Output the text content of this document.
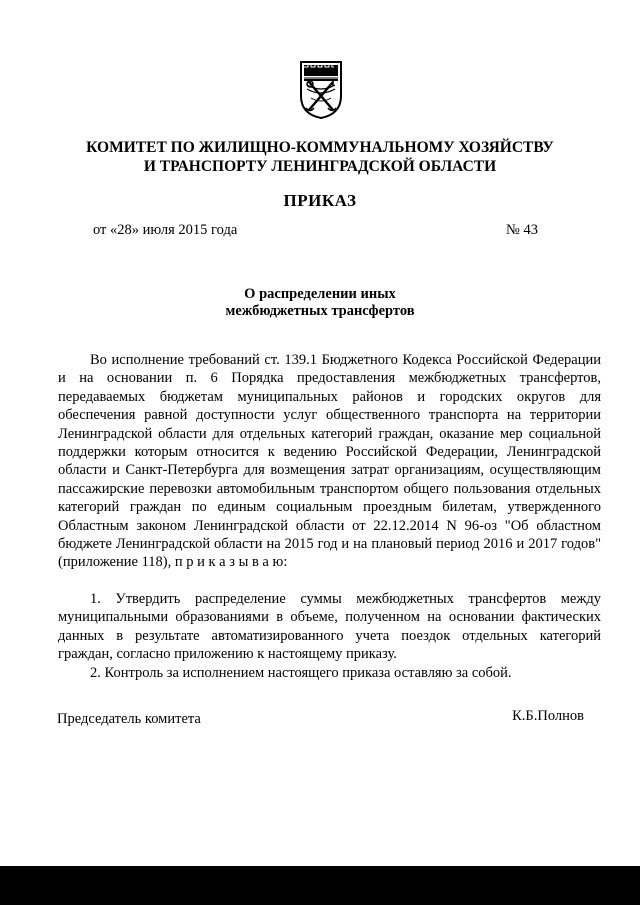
КОМИТЕТ ПО ЖИЛИЩНО-КОММУНАЛЬНОМУ ХОЗЯЙСТВУ
И ТРАНСПОРТУ ЛЕНИНГРАДСКОЙ ОБЛАСТИ
ПРИКАЗ
от «28» июля 2015 года	№ 43
О распределении иных
межбюджетных трансфертов

Во исполнение требований ст. 139.1 Бюджетного Кодекса Российской Федерации и на основании п. 6 Порядка предоставления межбюджетных трансфертов, передаваемых бюджетам муниципальных районов и городских округов для обеспечения равной доступности услуг общественного транспорта на территории Ленинградской области для отдельных категорий граждан, оказание мер социальной поддержки которым относится к ведению Российской Федерации, Ленинградской области и Санкт-Петербурга для возмещения затрат организациям, осуществляющим пассажирские перевозки автомобильным транспортом общего пользования отдельных категорий граждан по единым социальным проездным билетам, утвержденного Областным законом Ленинградской области от 22.12.2014 N 96-оз "Об областном бюджете Ленинградской области на 2015 год и на плановый период 2016 и 2017 годов" (приложение 118), п р и к а з ы в а ю:

1. Утвердить распределение суммы межбюджетных трансфертов между муниципальными образованиями в объеме, полученном на основании фактических данных в результате автоматизированного учета поездок отдельных категорий граждан, согласно приложению к настоящему приказу.

2. Контроль за исполнением настоящего приказа оставляю за собой.

Председатель комитета	К.Б.Полнов
